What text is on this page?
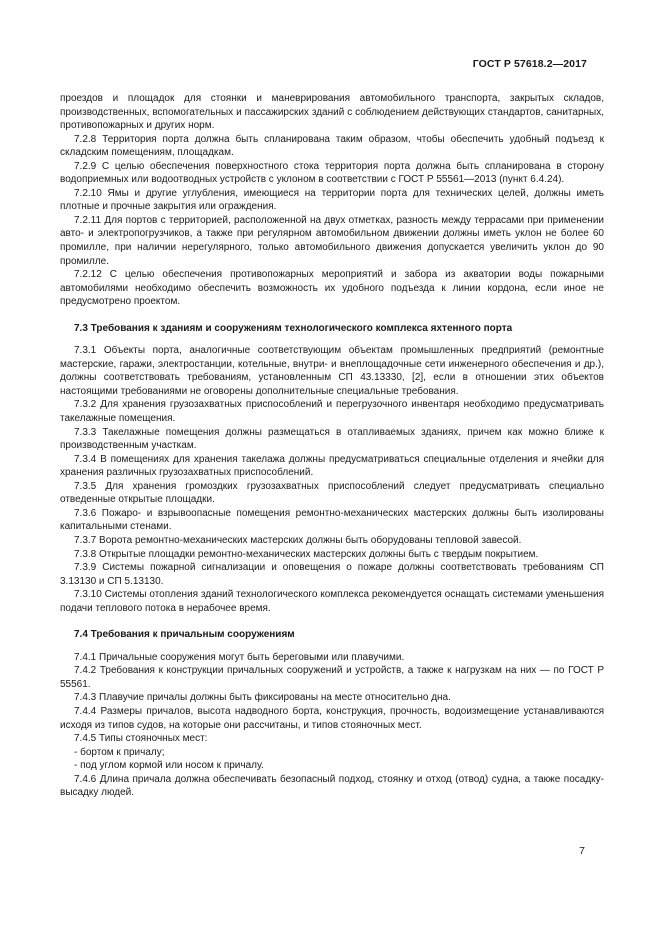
ГОСТ Р 57618.2—2017

проездов и площадок для стоянки и маневрирования автомобильного транспорта, закрытых складов, производственных, вспомогательных и пассажирских зданий с соблюдением действующих стандартов, санитарных, противопожарных и других норм.

7.2.8 Территория порта должна быть спланирована таким образом, чтобы обеспечить удобный подъезд к складским помещениям, площадкам.

7.2.9 С целью обеспечения поверхностного стока территория порта должна быть спланирована в сторону водоприемных или водоотводных устройств с уклоном в соответствии с ГОСТ Р 55561—2013 (пункт 6.4.24).

7.2.10 Ямы и другие углубления, имеющиеся на территории порта для технических целей, должны иметь плотные и прочные закрытия или ограждения.

7.2.11 Для портов с территорией, расположенной на двух отметках, разность между террасами при применении авто- и электропогрузчиков, а также при регулярном автомобильном движении должны иметь уклон не более 60 промилле, при наличии нерегулярного, только автомобильного движения допускается увеличить уклон до 90 промилле.

7.2.12 С целью обеспечения противопожарных мероприятий и забора из акватории воды пожарными автомобилями необходимо обеспечить возможность их удобного подъезда к линии кордона, если иное не предусмотрено проектом.

7.3 Требования к зданиям и сооружениям технологического комплекса яхтенного порта

7.3.1 Объекты порта, аналогичные соответствующим объектам промышленных предприятий (ремонтные мастерские, гаражи, электростанции, котельные, внутри- и внеплощадочные сети инженерного обеспечения и др.), должны соответствовать требованиям, установленным СП 43.13330, [2], если в отношении этих объектов настоящими требованиями не оговорены дополнительные специальные требования.

7.3.2 Для хранения грузозахватных приспособлений и перегрузочного инвентаря необходимо предусматривать такелажные помещения.

7.3.3 Такелажные помещения должны размещаться в отапливаемых зданиях, причем как можно ближе к производственным участкам.

7.3.4 В помещениях для хранения такелажа должны предусматриваться специальные отделения и ячейки для хранения различных грузозахватных приспособлений.

7.3.5 Для хранения громоздких грузозахватных приспособлений следует предусматривать специально отведенные открытые площадки.

7.3.6 Пожаро- и взрывоопасные помещения ремонтно-механических мастерских должны быть изолированы капитальными стенами.

7.3.7 Ворота ремонтно-механических мастерских должны быть оборудованы тепловой завесой.

7.3.8 Открытые площадки ремонтно-механических мастерских должны быть с твердым покрытием.

7.3.9 Системы пожарной сигнализации и оповещения о пожаре должны соответствовать требованиям СП 3.13130 и СП 5.13130.

7.3.10 Системы отопления зданий технологического комплекса рекомендуется оснащать системами уменьшения подачи теплового потока в нерабочее время.

7.4 Требования к причальным сооружениям

7.4.1 Причальные сооружения могут быть береговыми или плавучими.

7.4.2 Требования к конструкции причальных сооружений и устройств, а также к нагрузкам на них — по ГОСТ Р 55561.

7.4.3 Плавучие причалы должны быть фиксированы на месте относительно дна.

7.4.4 Размеры причалов, высота надводного борта, конструкция, прочность, водоизмещение устанавливаются исходя из типов судов, на которые они рассчитаны, и типов стояночных мест.

7.4.5 Типы стояночных мест:

- бортом к причалу;

- под углом кормой или носом к причалу.

7.4.6 Длина причала должна обеспечивать безопасный подход, стоянку и отход (отвод) судна, а также посадку-высадку людей.

7
